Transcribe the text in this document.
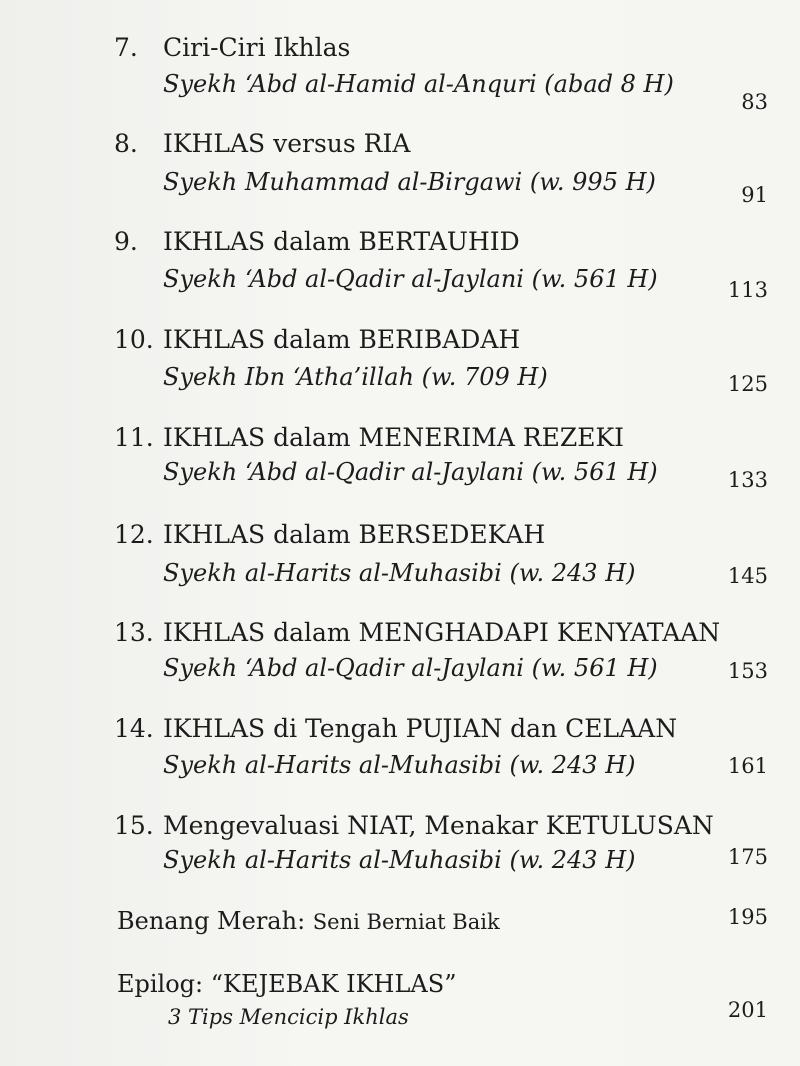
7. Ciri-Ciri Ikhlas
Syekh ‘Abd al-Hamid al-Anquri (abad 8 H)
83
8. IKHLAS versus RIA
Syekh Muhammad al-Birgawi (w. 995 H)	91
9. IKHLAS dalam BERTAUHID
Syekh ‘Abd al-Qadir al-Jaylani (w. 561 H)	113
10. IKHLAS dalam BERIBADAH
Syekh Ibn ‘Atha’illah (w. 709 H)	125
11. IKHLAS dalam MENERIMA REZEKI
Syekh ‘Abd al-Qadir al-Jaylani (w. 561 H)	133
12. IKHLAS dalam BERSEDEKAH
Syekh al-Harits al-Muhasibi (w. 243 H)	145
13. IKHLAS dalam MENGHADAPI KENYATAAN
Syekh ‘Abd al-Qadir al-Jaylani (w. 561 H)	153
14. IKHLAS di Tengah PUJIAN dan CELAAN
Syekh al-Harits al-Muhasibi (w. 243 H)	161
15. Mengevaluasi NIAT, Menakar KETULUSAN
Syekh al-Harits al-Muhasibi (w. 243 H)	175
Benang Merah: Seni Berniat Baik	195
Epilog: “KEJEBAK IKHLAS”
3 Tips Mencicip Ikhlas	201
